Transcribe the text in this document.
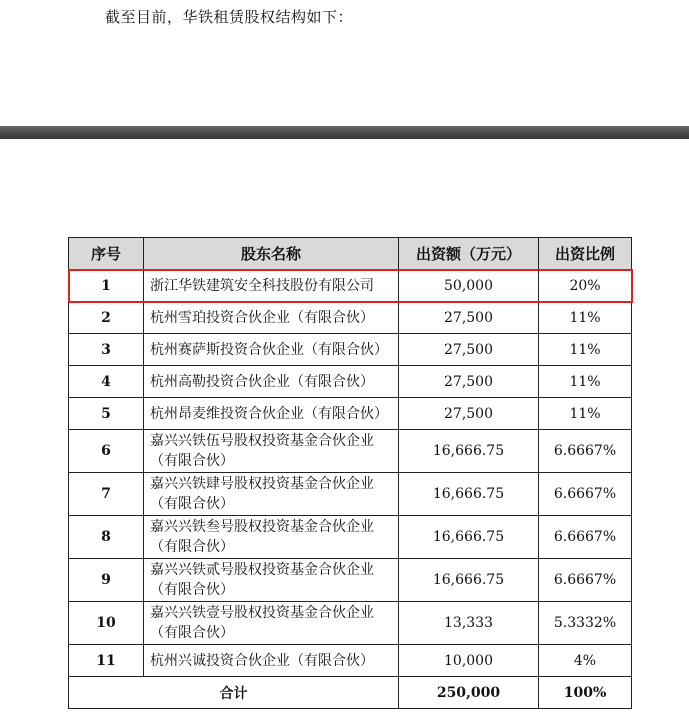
截至目前，华铁租赁股权结构如下：
序号	股东名称	出资额（万元）	出资比例
1	浙江华铁建筑安全科技股份有限公司	50,000	20%
2	杭州雪珀投资合伙企业（有限合伙）	27,500	11%
3	杭州赛萨斯投资合伙企业（有限合伙）	27,500	11%
4	杭州高勒投资合伙企业（有限合伙）	27,500	11%
5	杭州昂麦维投资合伙企业（有限合伙）	27,500	11%
6	嘉兴兴铁伍号股权投资基金合伙企业（有限合伙）	16,666.75	6.6667%
7	嘉兴兴铁肆号股权投资基金合伙企业（有限合伙）	16,666.75	6.6667%
8	嘉兴兴铁叁号股权投资基金合伙企业（有限合伙）	16,666.75	6.6667%
9	嘉兴兴铁贰号股权投资基金合伙企业（有限合伙）	16,666.75	6.6667%
10	嘉兴兴铁壹号股权投资基金合伙企业（有限合伙）	13,333	5.3332%
11	杭州兴诚投资合伙企业（有限合伙）	10,000	4%
合计		250,000	100%
